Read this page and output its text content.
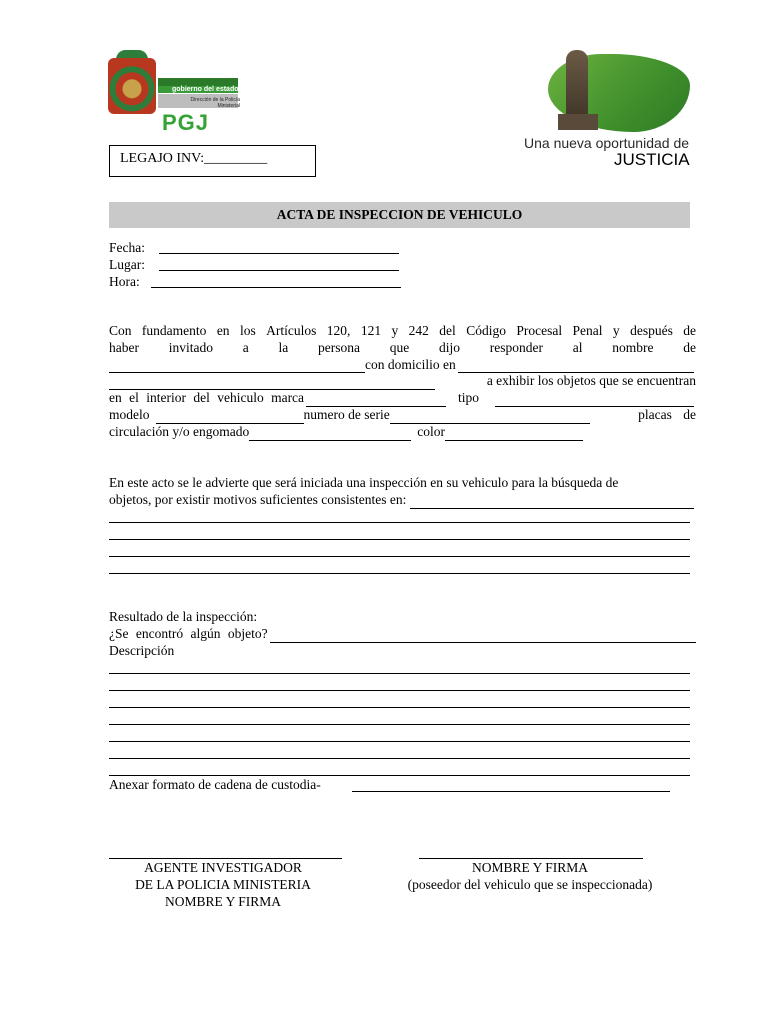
gobierno del estado
Dirección de la Policía Ministerial
PGJ
Una nueva oportunidad de
JUSTICIA
LEGAJO INV:_________
ACTA DE INSPECCION DE VEHICULO
Fecha:
Lugar:
Hora:
Con fundamento en los Artículos 120, 121 y 242 del Código Procesal Penal y después de
haber invitado a la persona que dijo responder al nombre de
con domicilio en
a exhibir los objetos que se encuentran
en el interior del vehiculo marca	tipo
modelo	numero de serie	placas de
circulación y/o engomado	color
En este acto se le advierte que será iniciada una inspección en su vehiculo para la búsqueda de
objetos, por existir motivos suficientes consistentes en:
Resultado de la inspección:
¿Se encontró algún objeto?
Descripción
Anexar formato de cadena de custodia-
AGENTE INVESTIGADOR
DE LA POLICIA MINISTERIA
NOMBRE Y FIRMA
NOMBRE Y FIRMA
(poseedor del vehiculo que se inspeccionada)
